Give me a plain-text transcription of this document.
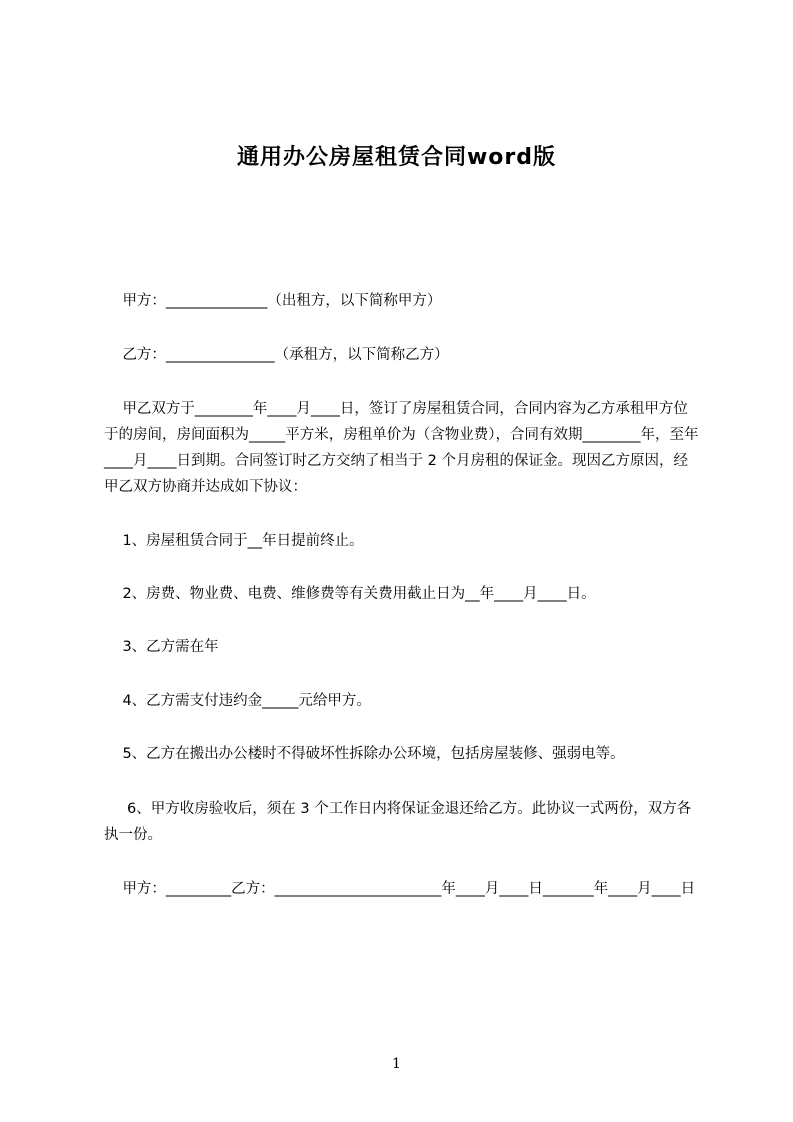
通用办公房屋租赁合同word版

甲方：______________（出租方，以下简称甲方）

乙方：_______________（承租方，以下简称乙方）

甲乙双方于________年____月____日，签订了房屋租赁合同，合同内容为乙方承租甲方位于的房间，房间面积为_____平方米，房租单价为（含物业费），合同有效期________年，至年____月____日到期。合同签订时乙方交纳了相当于 2 个月房租的保证金。现因乙方原因，经甲乙双方协商并达成如下协议：

1、房屋租赁合同于__年日提前终止。

2、房费、物业费、电费、维修费等有关费用截止日为__年____月____日。

3、乙方需在年

4、乙方需支付违约金_____元给甲方。

5、乙方在搬出办公楼时不得破坏性拆除办公环境，包括房屋装修、强弱电等。

6、甲方收房验收后，须在 3 个工作日内将保证金退还给乙方。此协议一式两份，双方各执一份。

甲方：_________乙方：_______________________年____月____日_______年____月____日

1
